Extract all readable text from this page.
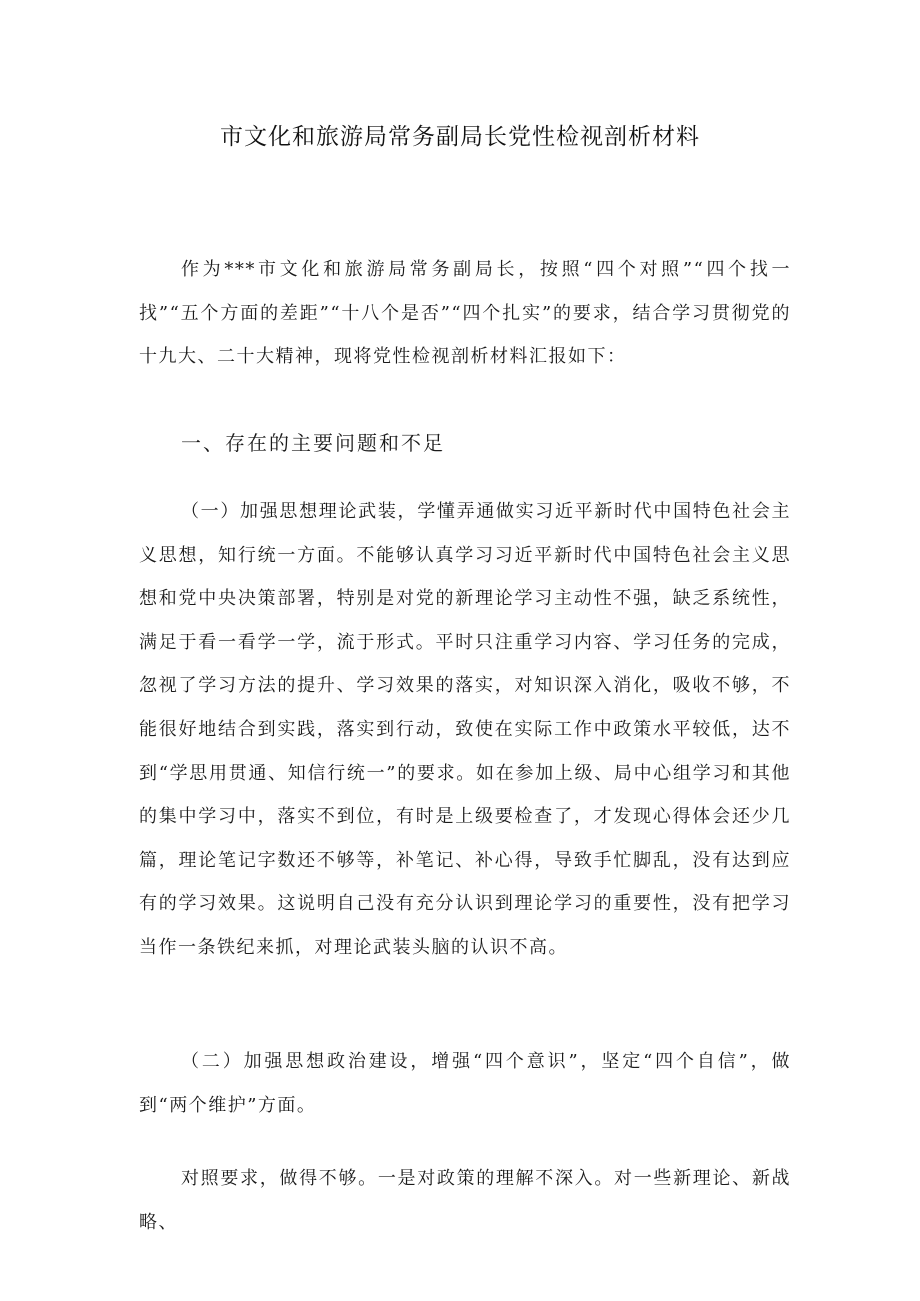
市文化和旅游局常务副局长党性检视剖析材料

作为***市文化和旅游局常务副局长，按照“四个对照”“四个找一找”“五个方面的差距”“十八个是否”“四个扎实”的要求，结合学习贯彻党的十九大、二十大精神，现将党性检视剖析材料汇报如下：

一、存在的主要问题和不足

（一）加强思想理论武装，学懂弄通做实习近平新时代中国特色社会主义思想，知行统一方面。不能够认真学习习近平新时代中国特色社会主义思想和党中央决策部署，特别是对党的新理论学习主动性不强，缺乏系统性，满足于看一看学一学，流于形式。平时只注重学习内容、学习任务的完成，忽视了学习方法的提升、学习效果的落实，对知识深入消化，吸收不够，不能很好地结合到实践，落实到行动，致使在实际工作中政策水平较低，达不到“学思用贯通、知信行统一”的要求。如在参加上级、局中心组学习和其他的集中学习中，落实不到位，有时是上级要检查了，才发现心得体会还少几篇，理论笔记字数还不够等，补笔记、补心得，导致手忙脚乱，没有达到应有的学习效果。这说明自己没有充分认识到理论学习的重要性，没有把学习当作一条铁纪来抓，对理论武装头脑的认识不高。

（二）加强思想政治建设，增强“四个意识”，坚定“四个自信”，做到“两个维护”方面。

对照要求，做得不够。一是对政策的理解不深入。对一些新理论、新战略、
